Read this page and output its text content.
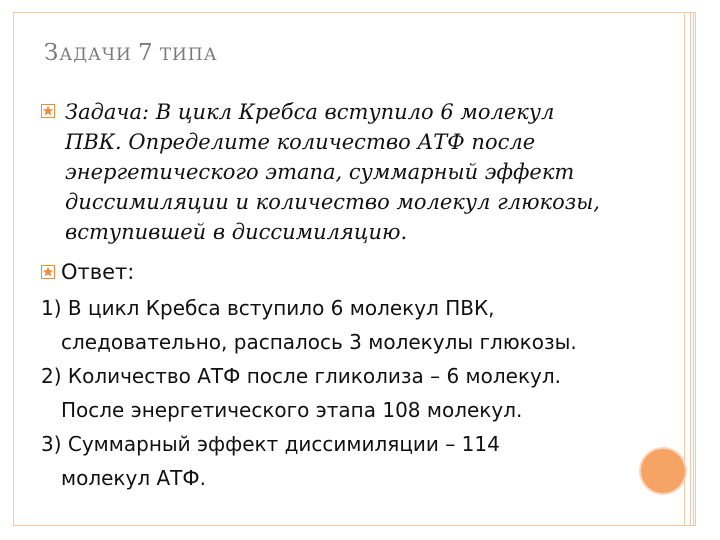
ЗАДАЧИ 7 ТИПА
Задача: В цикл Кребса вступило 6 молекул
ПВК. Определите количество АТФ после
энергетического этапа, суммарный эффект
диссимиляции и количество молекул глюкозы,
вступившей в диссимиляцию.
Ответ:
1) В цикл Кребса вступило 6 молекул ПВК,
следовательно, распалось 3 молекулы глюкозы.
2) Количество АТФ после гликолиза – 6 молекул.
После энергетического этапа 108 молекул.
3) Суммарный эффект диссимиляции – 114
молекул АТФ.
